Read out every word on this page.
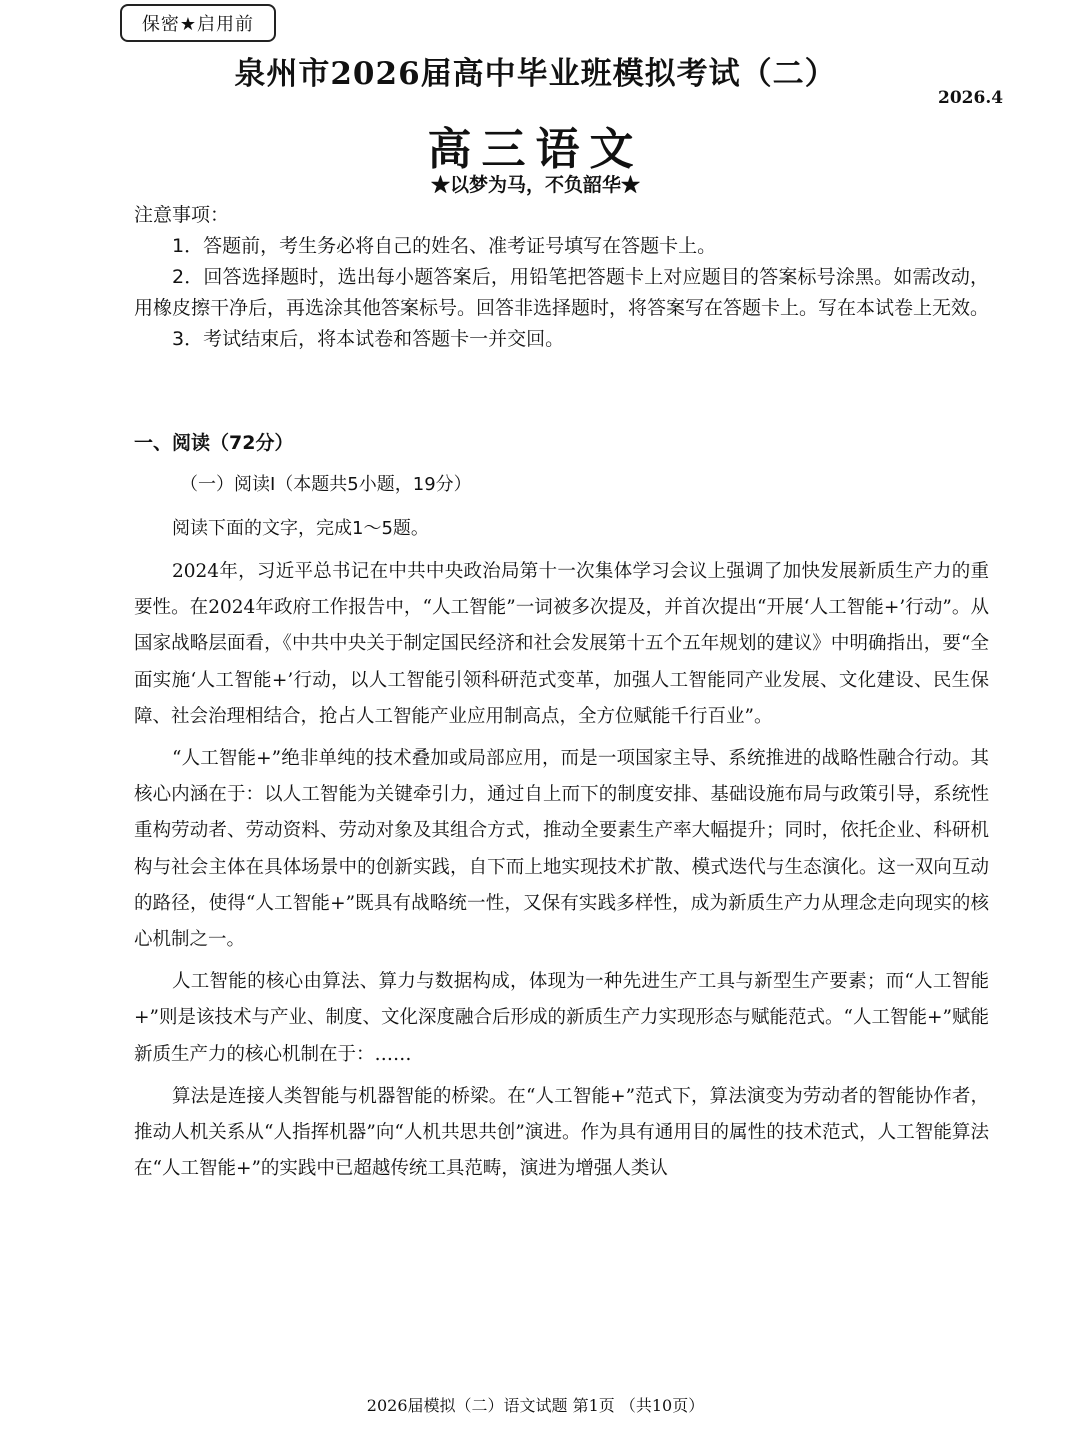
保密★启用前
泉州市2026届高中毕业班模拟考试（二）
2026.4
高三语文
★以梦为马，不负韶华★
注意事项：

1．答题前，考生务必将自己的姓名、准考证号填写在答题卡上。

2．回答选择题时，选出每小题答案后，用铅笔把答题卡上对应题目的答案标号涂黑。如需改动，用橡皮擦干净后，再选涂其他答案标号。回答非选择题时，将答案写在答题卡上。写在本试卷上无效。

3．考试结束后，将本试卷和答题卡一并交回。

一、阅读（72分）
（一）阅读I（本题共5小题，19分）
阅读下面的文字，完成1～5题。

2024年，习近平总书记在中共中央政治局第十一次集体学习会议上强调了加快发展新质生产力的重要性。在2024年政府工作报告中，“人工智能”一词被多次提及，并首次提出“开展‘人工智能+’行动”。从国家战略层面看，《中共中央关于制定国民经济和社会发展第十五个五年规划的建议》中明确指出，要“全面实施‘人工智能+’行动，以人工智能引领科研范式变革，加强人工智能同产业发展、文化建设、民生保障、社会治理相结合，抢占人工智能产业应用制高点，全方位赋能千行百业”。

“人工智能+”绝非单纯的技术叠加或局部应用，而是一项国家主导、系统推进的战略性融合行动。其核心内涵在于：以人工智能为关键牵引力，通过自上而下的制度安排、基础设施布局与政策引导，系统性重构劳动者、劳动资料、劳动对象及其组合方式，推动全要素生产率大幅提升；同时，依托企业、科研机构与社会主体在具体场景中的创新实践，自下而上地实现技术扩散、模式迭代与生态演化。这一双向互动的路径，使得“人工智能+”既具有战略统一性，又保有实践多样性，成为新质生产力从理念走向现实的核心机制之一。

人工智能的核心由算法、算力与数据构成，体现为一种先进生产工具与新型生产要素；而“人工智能+”则是该技术与产业、制度、文化深度融合后形成的新质生产力实现形态与赋能范式。“人工智能+”赋能新质生产力的核心机制在于：……

算法是连接人类智能与机器智能的桥梁。在“人工智能+”范式下，算法演变为劳动者的智能协作者，推动人机关系从“人指挥机器”向“人机共思共创”演进。作为具有通用目的属性的技术范式，人工智能算法在“人工智能+”的实践中已超越传统工具范畴，演进为增强人类认

2026届模拟（二）语文试题 第1页 （共10页）
